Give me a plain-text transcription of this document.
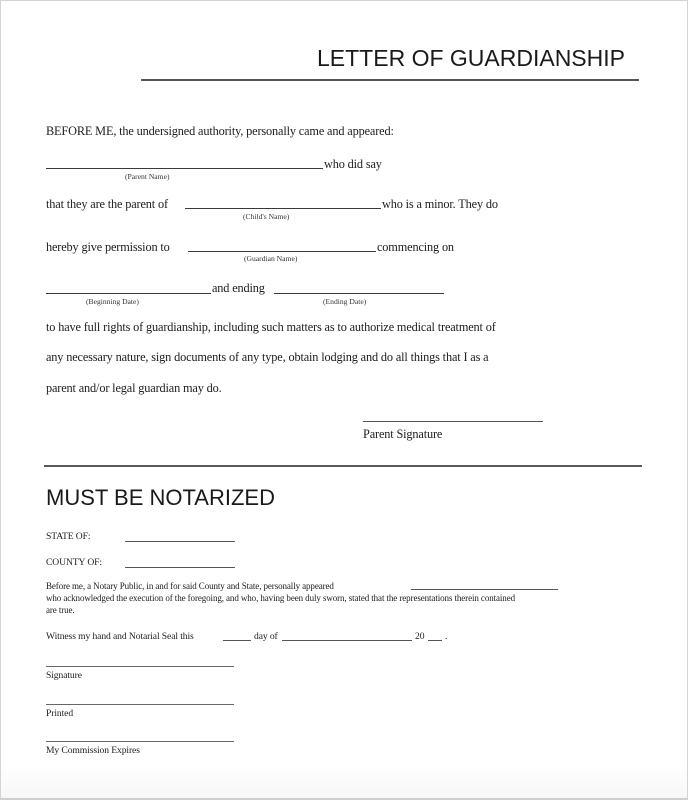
LETTER OF GUARDIANSHIP
BEFORE ME, the undersigned authority, personally came and appeared:
who did say
(Parent Name)
that they are the parent of	who is a minor. They do
(Child's Name)
hereby give permission to	commencing on
(Guardian Name)
and ending
(Beginning Date)	(Ending Date)
to have full rights of guardianship, including such matters as to authorize medical treatment of
any necessary nature, sign documents of any type, obtain lodging and do all things that I as a
parent and/or legal guardian may do.
Parent Signature
MUST BE NOTARIZED
STATE OF:
COUNTY OF:
Before me, a Notary Public, in and for said County and State, personally appeared
who acknowledged the execution of the foregoing, and who, having been duly sworn, stated that the representations therein contained
are true.
Witness my hand and Notarial Seal this	day of	20 .
Signature
Printed
My Commission Expires
